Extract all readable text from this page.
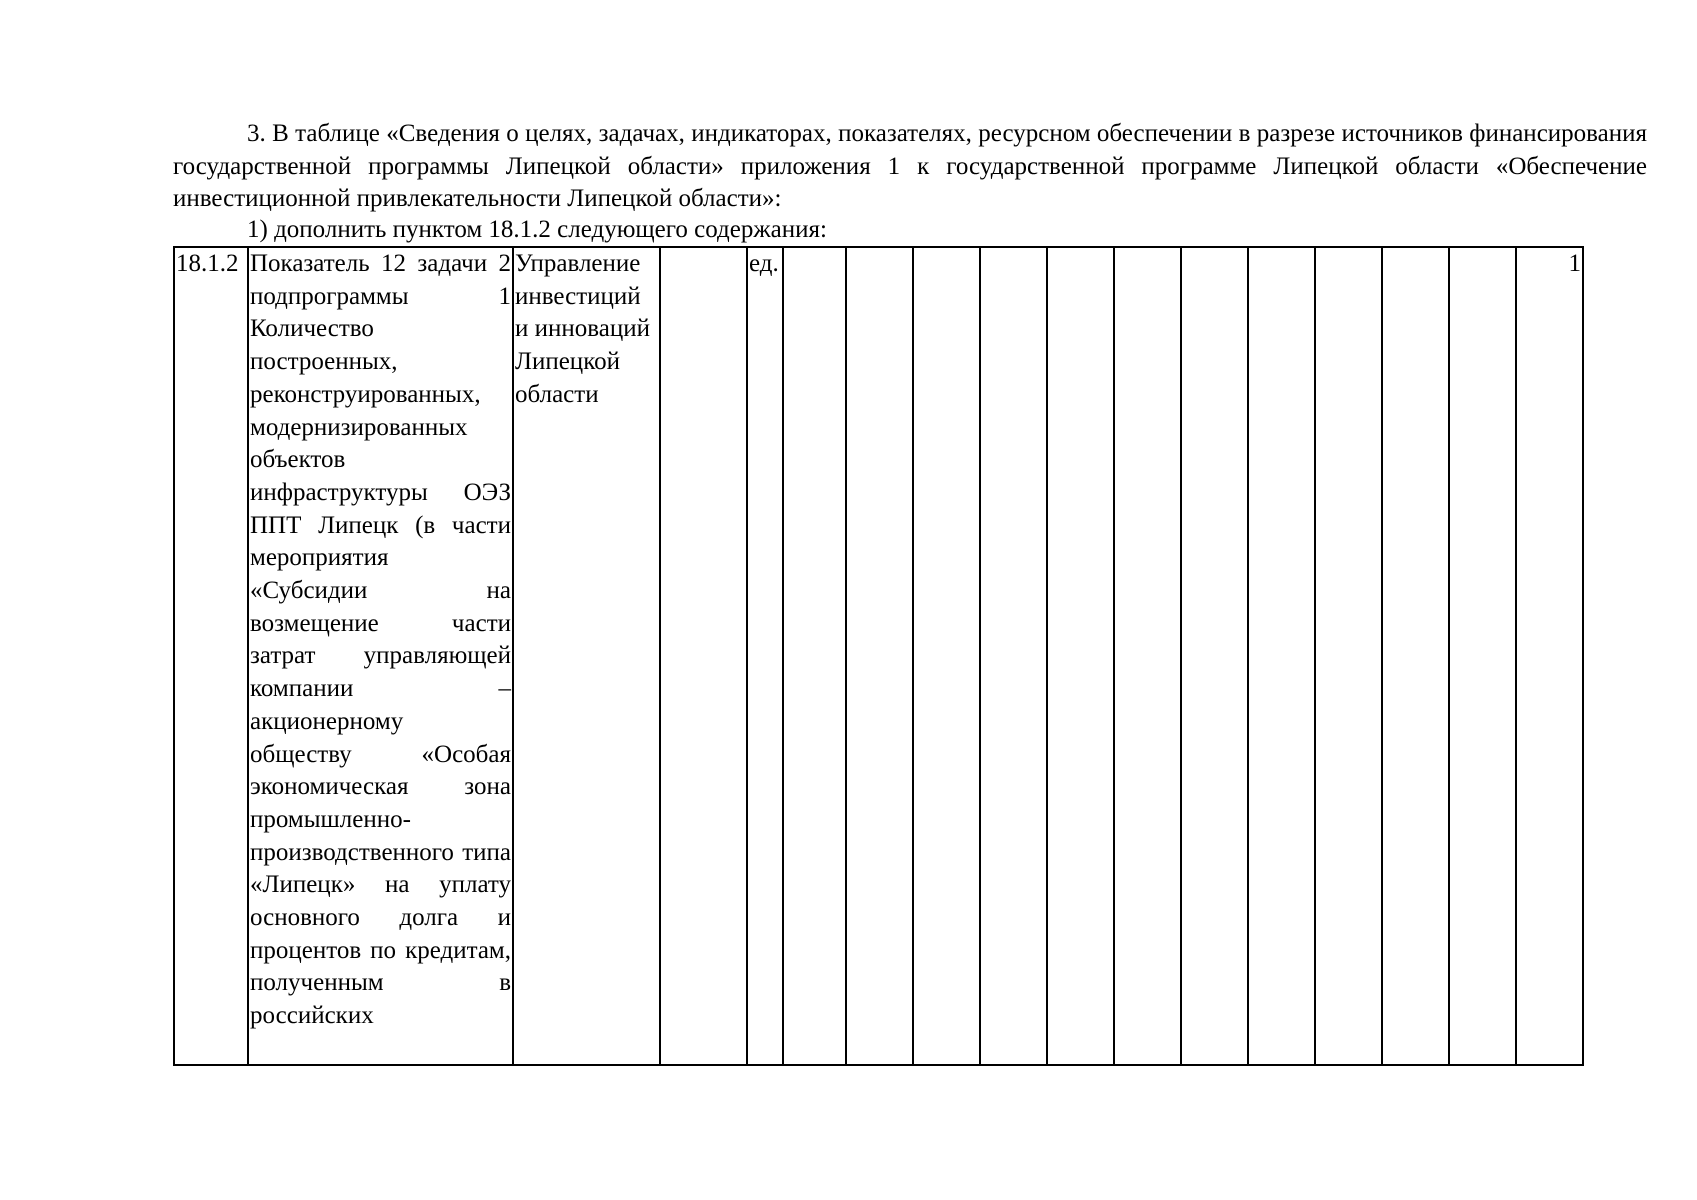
3. В таблице «Сведения о целях, задачах, индикаторах, показателях, ресурсном обеспечении в разрезе источников финансирования государственной программы Липецкой области» приложения 1 к государственной программе Липецкой области «Обеспечение инвестиционной привлекательности Липецкой области»:

1) дополнить пунктом 18.1.2 следующего содержания:

18.1.2	Показатель 12 задачи 2 подпрограммы 1 Количество построенных, реконструированных, модернизированных объектов инфраструктуры ОЭЗ ППТ Липецк (в части мероприятия «Субсидии на возмещение части затрат управляющей компании – акционерному обществу «Особая экономическая зона промышленно-производственного типа «Липецк» на уплату основного долга и процентов по кредитам, полученным в российских	Управление инвестиций и инноваций Липецкой области		ед.												1
